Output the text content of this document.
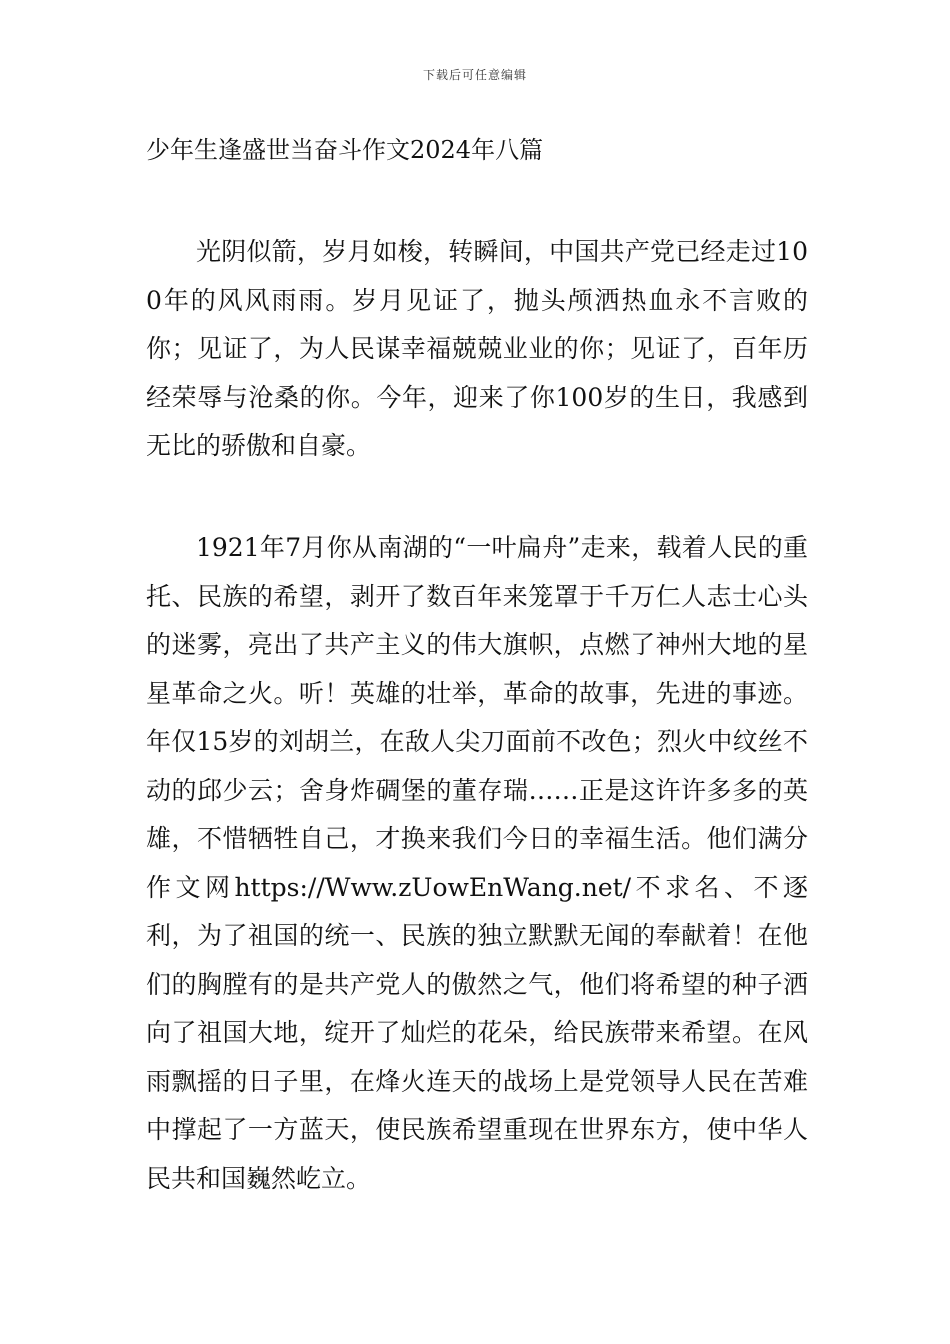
下载后可任意编辑
少年生逢盛世当奋斗作文2024年八篇

光阴似箭，岁月如梭，转瞬间，中国共产党已经走过100年的风风雨雨。岁月见证了，抛头颅洒热血永不言败的你；见证了，为人民谋幸福兢兢业业的你；见证了，百年历经荣辱与沧桑的你。今年，迎来了你100岁的生日，我感到无比的骄傲和自豪。

1921年7月你从南湖的“一叶扁舟”走来，载着人民的重托、民族的希望，剥开了数百年来笼罩于千万仁人志士心头的迷雾，亮出了共产主义的伟大旗帜，点燃了神州大地的星星革命之火。听！英雄的壮举，革命的故事，先进的事迹。年仅15岁的刘胡兰，在敌人尖刀面前不改色；烈火中纹丝不动的邱少云；舍身炸碉堡的董存瑞……正是这许许多多的英雄，不惜牺牲自己，才换来我们今日的幸福生活。他们满分作文网https://Www.zUowEnWang.net/不求名、不逐利，为了祖国的统一、民族的独立默默无闻的奉献着！在他们的胸膛有的是共产党人的傲然之气，他们将希望的种子洒向了祖国大地，绽开了灿烂的花朵，给民族带来希望。在风雨飘摇的日子里，在烽火连天的战场上是党领导人民在苦难中撑起了一方蓝天，使民族希望重现在世界东方，使中华人民共和国巍然屹立。
